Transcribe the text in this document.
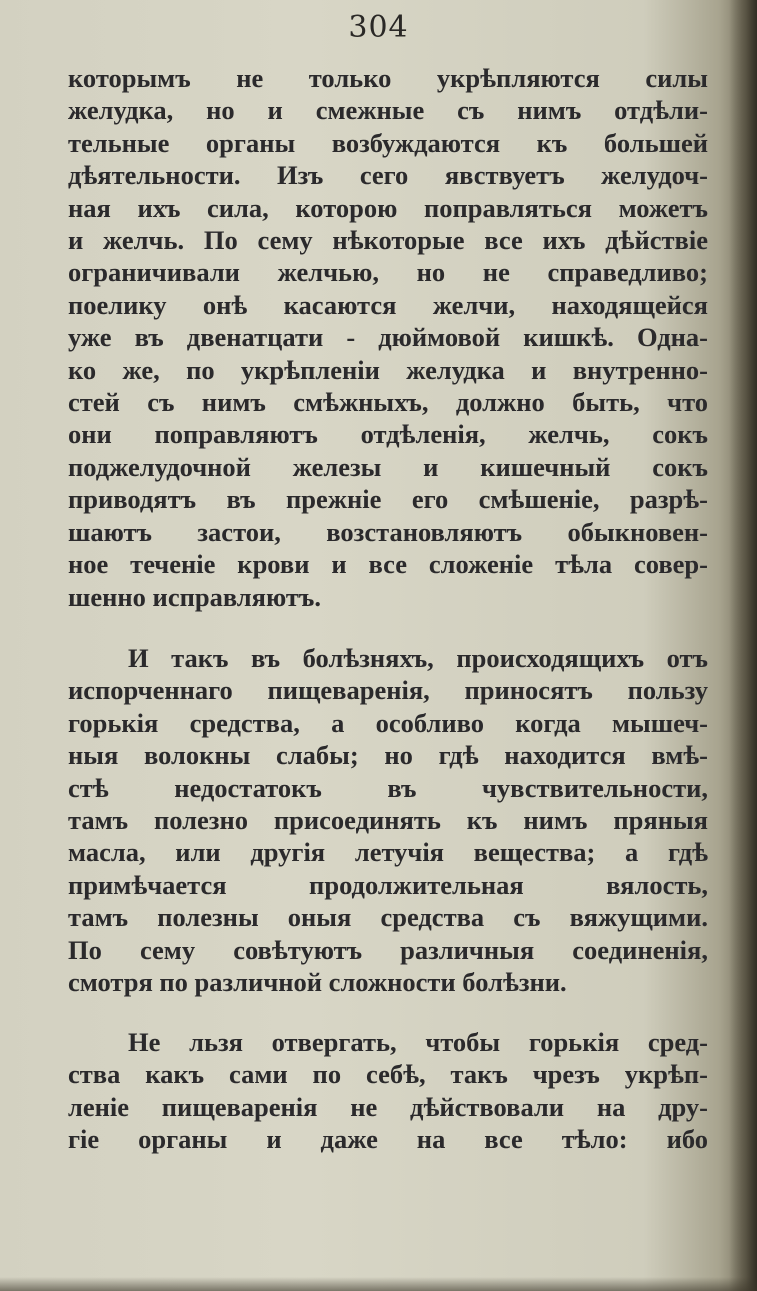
304
которымъ не только укрѣпляются силы
желудка, но и смежные съ нимъ отдѣли-
тельные органы возбуждаются къ большей
дѣятельности. Изъ сего явствуетъ желудоч-
ная ихъ сила, которою поправляться можетъ
и желчь. По сему нѣкоторые все ихъ дѣйствіе
ограничивали желчью, но не справедливо;
поелику онѣ касаются желчи, находящейся
уже въ двенатцати - дюймовой кишкѣ. Одна-
ко же, по укрѣпленіи желудка и внутренно-
стей съ нимъ смѣжныхъ, должно быть, что
они поправляютъ отдѣленія, желчь, сокъ
поджелудочной железы и кишечный сокъ
приводятъ въ прежніе его смѣшеніе, разрѣ-
шаютъ застои, возстановляютъ обыкновен-
ное теченіе крови и все сложеніе тѣла совер-
шенно исправляютъ.
И такъ въ болѣзняхъ, происходящихъ отъ
испорченнаго пищеваренія, приносятъ пользу
горькія средства, а особливо когда мышеч-
ныя волокны слабы; но гдѣ находится вмѣ-
стѣ недостатокъ въ чувствительности,
тамъ полезно присоединять къ нимъ пряныя
масла, или другія летучія вещества; а гдѣ
примѣчается продолжительная вялость,
тамъ полезны оныя средства съ вяжущими.
По сему совѣтуютъ различныя соединенія,
смотря по различной сложности болѣзни.
Не льзя отвергать, чтобы горькія сред-
ства какъ сами по себѣ, такъ чрезъ укрѣп-
леніе пищеваренія не дѣйствовали на дру-
гіе органы и даже на все тѣло: ибо
